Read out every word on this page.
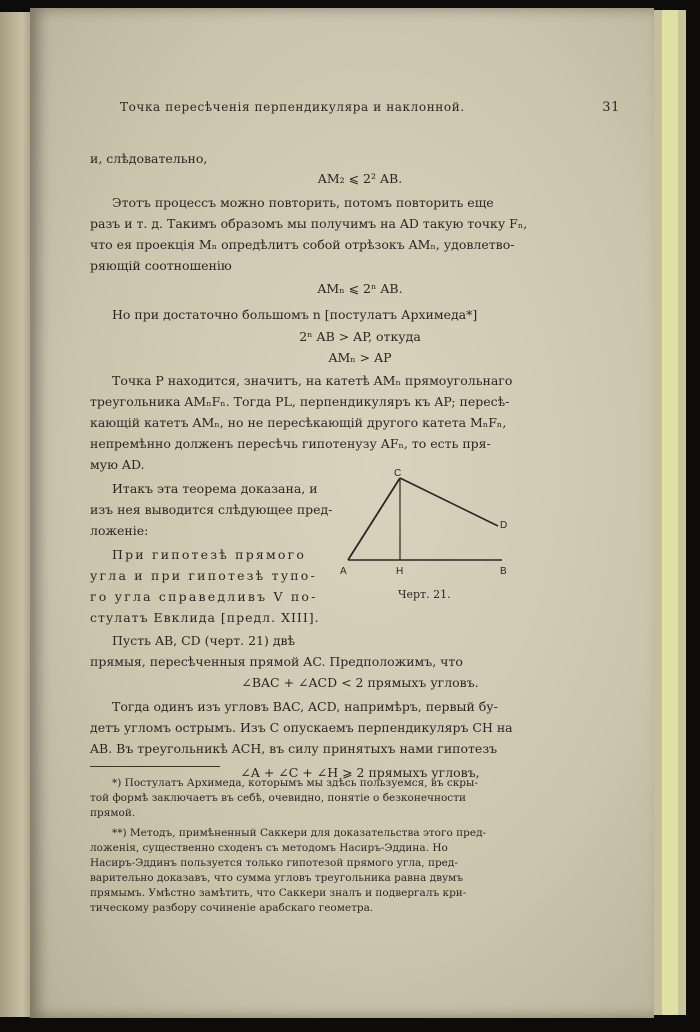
Точка пересѣченія перпендикуляра и наклонной.	31
и, слѣдовательно,
AM₂ ⩽ 2² AB.
Этотъ процессъ можно повторить, потомъ повторить еще
разъ и т. д. Такимъ образомъ мы получимъ на AD такую точку Fₙ,
что ея проекція Mₙ опредѣлитъ собой отрѣзокъ AMₙ, удовлетво-
ряющій соотношенію
AMₙ ⩽ 2ⁿ AB.
Но при достаточно большомъ n [постулатъ Архимеда*]
2ⁿ AB > AP, откуда
AMₙ > AP
Точка P находится, значитъ, на катетѣ AMₙ прямоугольнаго
треугольника AMₙFₙ. Тогда PL, перпендикуляръ къ AP; пересѣ-
кающій катетъ AMₙ, но не пересѣкающій другого катета MₙFₙ,
непремѣнно долженъ пересѣчь гипотенузу AFₙ, то есть пря-
мую AD.
Итакъ эта теорема доказана, и
изъ нея выводится слѣдующее пред-
ложеніе:
При гипотезѣ прямого
угла и при гипотезѣ тупо-
го угла справедливъ V по-
стулатъ Евклида [предл. XIII].
Пусть AB, CD (черт. 21) двѣ
прямыя, пересѣченныя прямой AC. Предположимъ, что
∠BAC + ∠ACD < 2 прямыхъ угловъ.
Тогда одинъ изъ угловъ BAC, ACD, напримѣръ, первый бу-
детъ угломъ острымъ. Изъ C опускаемъ перпендикуляръ CH на
AB. Въ треугольникѣ ACH, въ силу принятыхъ нами гипотезъ
∠A + ∠C + ∠H ⩾ 2 прямыхъ угловъ,
A	H	B
C
D
Черт. 21.
*) Постулатъ Архимеда, которымъ мы здѣсь пользуемся, въ скры-
той формѣ заключаетъ въ себѣ, очевидно, понятіе о безконечности
прямой.
**) Методъ, примѣненный Саккери для доказательства этого пред-
ложенія, существенно сходенъ съ методомъ Насиръ-Эддина. Но
Насиръ-Эддинъ пользуется только гипотезой прямого угла, пред-
варительно доказавъ, что сумма угловъ треугольника равна двумъ
прямымъ. Умѣстно замѣтить, что Саккери зналъ и подвергалъ кри-
тическому разбору сочиненіе арабскаго геометра.
